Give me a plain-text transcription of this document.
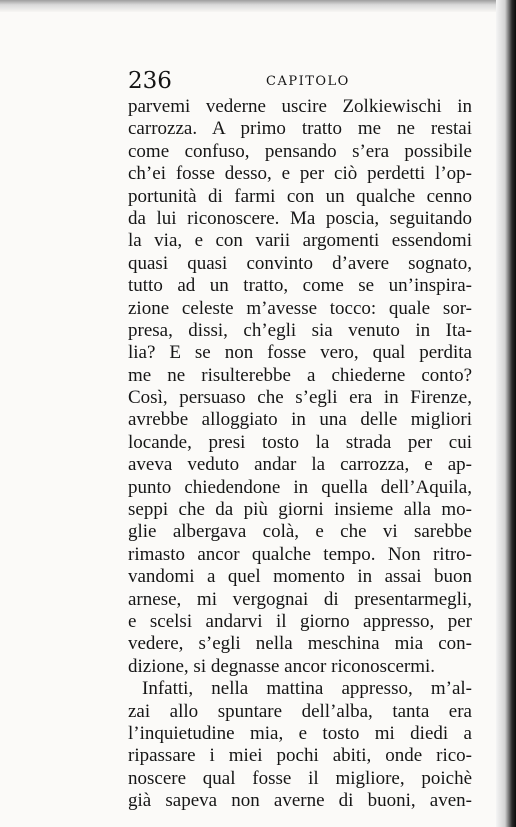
236	CAPITOLO
parvemi vederne uscire Zolkiewischi in
carrozza. A primo tratto me ne restai
come confuso, pensando s’era possibile
ch’ei fosse desso, e per ciò perdetti l’op-
portunità di farmi con un qualche cenno
da lui riconoscere. Ma poscia, seguitando
la via, e con varii argomenti essendomi
quasi quasi convinto d’avere sognato,
tutto ad un tratto, come se un’inspira-
zione celeste m’avesse tocco: quale sor-
presa, dissi, ch’egli sia venuto in Ita-
lia? E se non fosse vero, qual perdita
me ne risulterebbe a chiederne conto?
Così, persuaso che s’egli era in Firenze,
avrebbe alloggiato in una delle migliori
locande, presi tosto la strada per cui
aveva veduto andar la carrozza, e ap-
punto chiedendone in quella dell’Aquila,
seppi che da più giorni insieme alla mo-
glie albergava colà, e che vi sarebbe
rimasto ancor qualche tempo. Non ritro-
vandomi a quel momento in assai buon
arnese, mi vergognai di presentarmegli,
e scelsi andarvi il giorno appresso, per
vedere, s’egli nella meschina mia con-
dizione, si degnasse ancor riconoscermi.
Infatti, nella mattina appresso, m’al-
zai allo spuntare dell’alba, tanta era
l’inquietudine mia, e tosto mi diedi a
ripassare i miei pochi abiti, onde rico-
noscere qual fosse il migliore, poichè
già sapeva non averne di buoni, aven-
